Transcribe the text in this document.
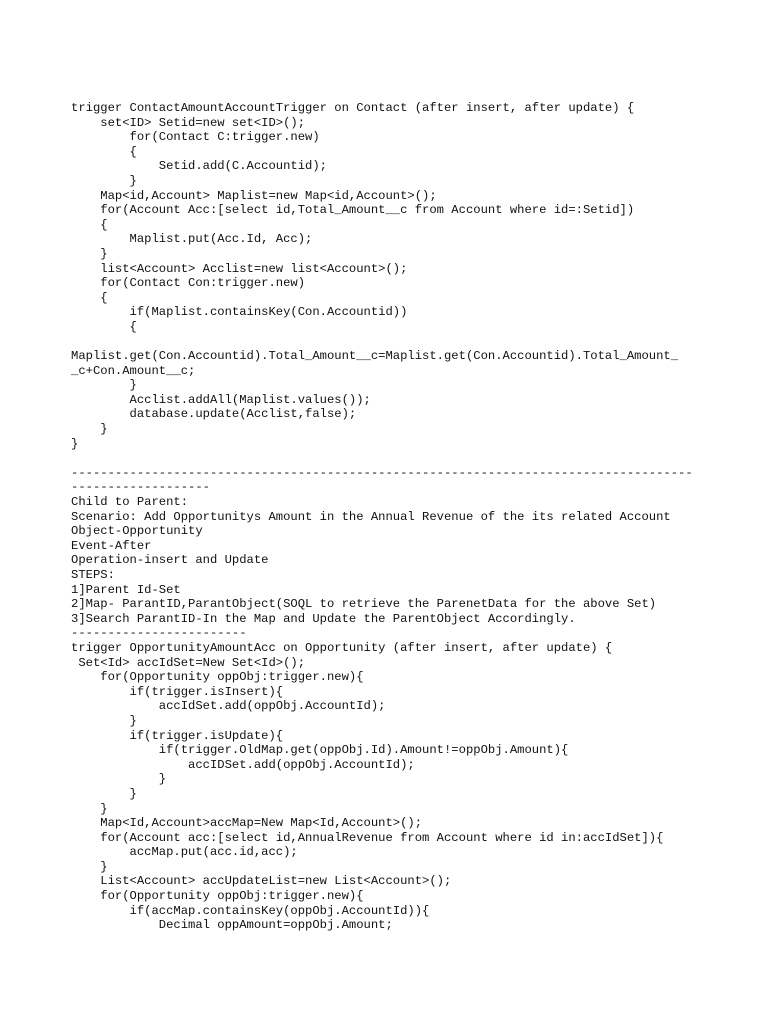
trigger ContactAmountAccountTrigger on Contact (after insert, after update) {
set<ID> Setid=new set<ID>();
for(Contact C:trigger.new)
{
Setid.add(C.Accountid);
}
Map<id,Account> Maplist=new Map<id,Account>();
for(Account Acc:[select id,Total_Amount__c from Account where id=:Setid])
{
Maplist.put(Acc.Id, Acc);
}
list<Account> Acclist=new list<Account>();
for(Contact Con:trigger.new)
{
if(Maplist.containsKey(Con.Accountid))
{
Maplist.get(Con.Accountid).Total_Amount__c=Maplist.get(Con.Accountid).Total_Amount_
_c+Con.Amount__c;
}
Acclist.addAll(Maplist.values());
database.update(Acclist,false);
}
}
-------------------------------------------------------------------------------------
-------------------
Child to Parent:
Scenario: Add Opportunitys Amount in the Annual Revenue of the its related Account
Object-Opportunity
Event-After
Operation-insert and Update
STEPS:
1]Parent Id-Set
2]Map- ParantID,ParantObject(SOQL to retrieve the ParenetData for the above Set)
3]Search ParantID-In the Map and Update the ParentObject Accordingly.
------------------------
trigger OpportunityAmountAcc on Opportunity (after insert, after update) {
Set<Id> accIdSet=New Set<Id>();
for(Opportunity oppObj:trigger.new){
if(trigger.isInsert){
accIdSet.add(oppObj.AccountId);
}
if(trigger.isUpdate){
if(trigger.OldMap.get(oppObj.Id).Amount!=oppObj.Amount){
accIDSet.add(oppObj.AccountId);
}
}
}
Map<Id,Account>accMap=New Map<Id,Account>();
for(Account acc:[select id,AnnualRevenue from Account where id in:accIdSet]){
accMap.put(acc.id,acc);
}
List<Account> accUpdateList=new List<Account>();
for(Opportunity oppObj:trigger.new){
if(accMap.containsKey(oppObj.AccountId)){
Decimal oppAmount=oppObj.Amount;
